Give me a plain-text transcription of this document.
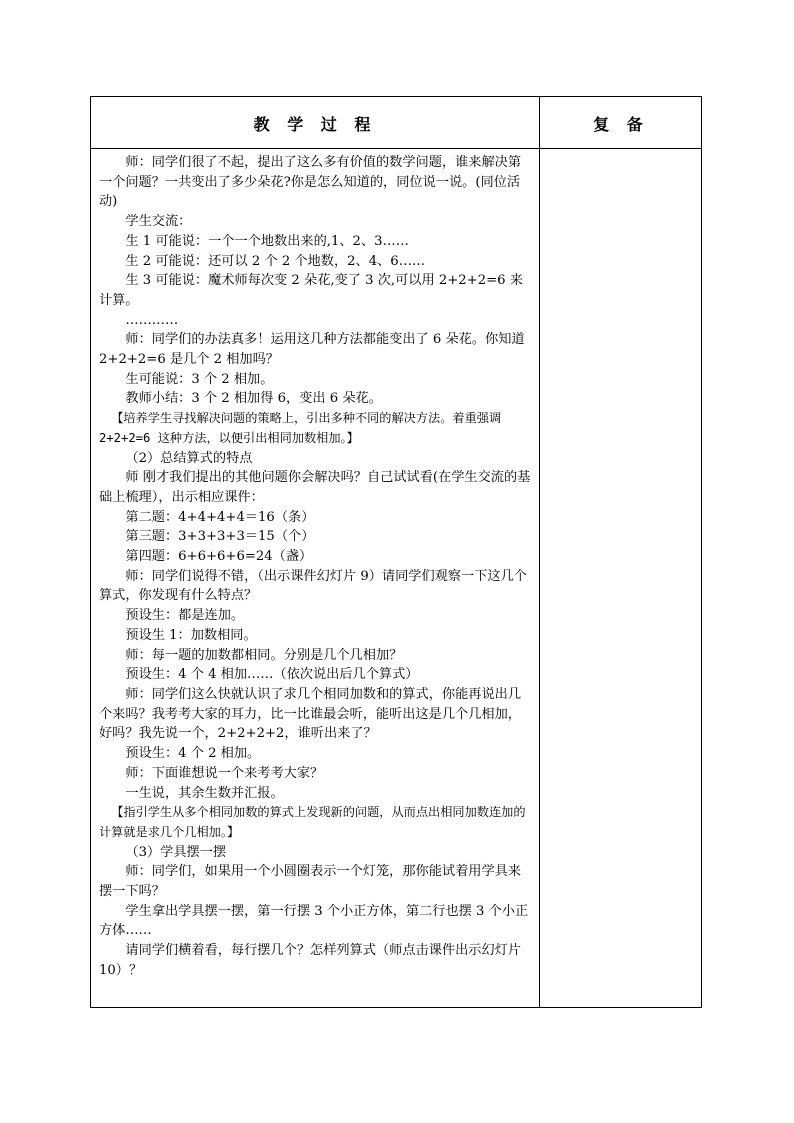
教 学 过 程	复 备

师：同学们很了不起，提出了这么多有价值的数学问题，谁来解决第一个问题？一共变出了多少朵花?你是怎么知道的，同位说一说。(同位活动)

学生交流：

生 1 可能说：一个一个地数出来的,1、2、3……

生 2 可能说：还可以 2 个 2 个地数，2、4、6……

生 3 可能说：魔术师每次变 2 朵花,变了 3 次,可以用 2+2+2=6 来计算。

…………

师：同学们的办法真多！运用这几种方法都能变出了 6 朵花。你知道 2+2+2=6 是几个 2 相加吗？

生可能说：3 个 2 相加。

教师小结：3 个 2 相加得 6，变出 6 朵花。

【培养学生寻找解决问题的策略上，引出多种不同的解决方法。着重强调 2+2+2=6 这种方法，以便引出相同加数相加。】

（2）总结算式的特点

师 刚才我们提出的其他问题你会解决吗？自己试试看(在学生交流的基础上梳理），出示相应课件：

第二题：4+4+4+4＝16（条）

第三题：3+3+3+3＝15（个）

第四题：6+6+6+6=24（盏）

师：同学们说得不错，（出示课件幻灯片 9）请同学们观察一下这几个算式，你发现有什么特点？

预设生：都是连加。

预设生 1：加数相同。

师：每一题的加数都相同。分别是几个几相加？

预设生：4 个 4 相加……（依次说出后几个算式）

师：同学们这么快就认识了求几个相同加数和的算式，你能再说出几个来吗？我考考大家的耳力，比一比谁最会听，能听出这是几个几相加，好吗？我先说一个，2+2+2+2，谁听出来了？

预设生：4 个 2 相加。

师：下面谁想说一个来考考大家？

一生说，其余生数并汇报。

【指引学生从多个相同加数的算式上发现新的问题，从而点出相同加数连加的计算就是求几个几相加。】

（3）学具摆一摆

师：同学们，如果用一个小圆圈表示一个灯笼，那你能试着用学具来摆一下吗？

学生拿出学具摆一摆，第一行摆 3 个小正方体，第二行也摆 3 个小正方体……

请同学们横着看，每行摆几个？怎样列算式（师点击课件出示幻灯片 10）？
